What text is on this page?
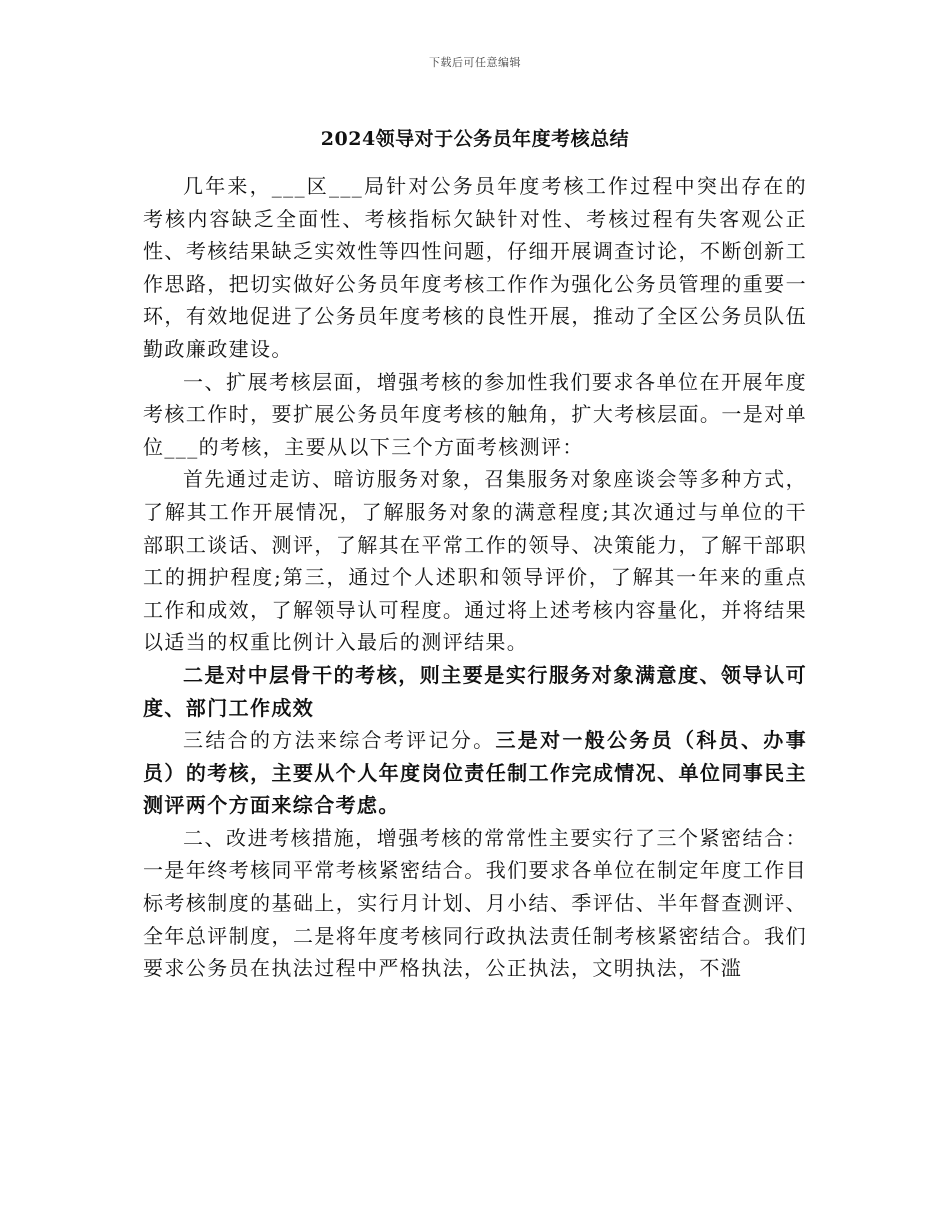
下载后可任意编辑
2024领导对于公务员年度考核总结

几年来，___区___局针对公务员年度考核工作过程中突出存在的考核内容缺乏全面性、考核指标欠缺针对性、考核过程有失客观公正性、考核结果缺乏实效性等四性问题，仔细开展调查讨论，不断创新工作思路，把切实做好公务员年度考核工作作为强化公务员管理的重要一环，有效地促进了公务员年度考核的良性开展，推动了全区公务员队伍勤政廉政建设。

一、扩展考核层面，增强考核的参加性我们要求各单位在开展年度考核工作时，要扩展公务员年度考核的触角，扩大考核层面。一是对单位___的考核，主要从以下三个方面考核测评：

首先通过走访、暗访服务对象，召集服务对象座谈会等多种方式，了解其工作开展情况，了解服务对象的满意程度;其次通过与单位的干部职工谈话、测评，了解其在平常工作的领导、决策能力，了解干部职工的拥护程度;第三，通过个人述职和领导评价，了解其一年来的重点工作和成效，了解领导认可程度。通过将上述考核内容量化，并将结果以适当的权重比例计入最后的测评结果。

二是对中层骨干的考核，则主要是实行服务对象满意度、领导认可度、部门工作成效

三结合的方法来综合考评记分。三是对一般公务员（科员、办事员）的考核，主要从个人年度岗位责任制工作完成情况、单位同事民主测评两个方面来综合考虑。

二、改进考核措施，增强考核的常常性主要实行了三个紧密结合：一是年终考核同平常考核紧密结合。我们要求各单位在制定年度工作目标考核制度的基础上，实行月计划、月小结、季评估、半年督查测评、全年总评制度，二是将年度考核同行政执法责任制考核紧密结合。我们要求公务员在执法过程中严格执法，公正执法，文明执法，不滥
